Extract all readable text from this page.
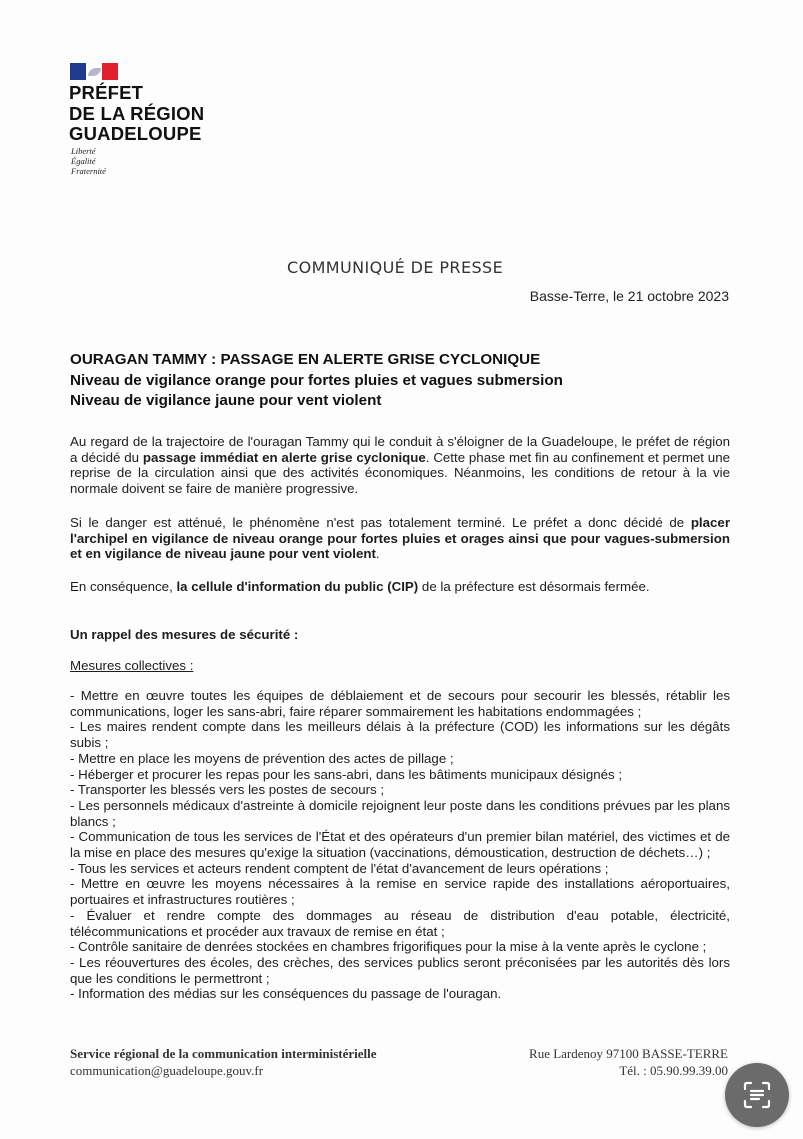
PRÉFET
DE LA RÉGION
GUADELOUPE
Liberté
Égalité
Fraternité
COMMUNIQUÉ DE PRESSE
Basse-Terre, le 21 octobre 2023
OURAGAN TAMMY : PASSAGE EN ALERTE GRISE CYCLONIQUE
Niveau de vigilance orange pour fortes pluies et vagues submersion
Niveau de vigilance jaune pour vent violent
Au regard de la trajectoire de l'ouragan Tammy qui le conduit à s'éloigner de la Guadeloupe, le préfet de région a décidé du passage immédiat en alerte grise cyclonique. Cette phase met fin au confinement et permet une reprise de la circulation ainsi que des activités économiques. Néanmoins, les conditions de retour à la vie normale doivent se faire de manière progressive.
Si le danger est atténué, le phénomène n'est pas totalement terminé. Le préfet a donc décidé de placer l'archipel en vigilance de niveau orange pour fortes pluies et orages ainsi que pour vagues-submersion et en vigilance de niveau jaune pour vent violent.
En conséquence, la cellule d'information du public (CIP) de la préfecture est désormais fermée.
Un rappel des mesures de sécurité :
Mesures collectives :
- Mettre en œuvre toutes les équipes de déblaiement et de secours pour secourir les blessés, rétablir les communications, loger les sans-abri, faire réparer sommairement les habitations endommagées ;
- Les maires rendent compte dans les meilleurs délais à la préfecture (COD) les informations sur les dégâts subis ;
- Mettre en place les moyens de prévention des actes de pillage ;
- Héberger et procurer les repas pour les sans-abri, dans les bâtiments municipaux désignés ;
- Transporter les blessés vers les postes de secours ;
- Les personnels médicaux d'astreinte à domicile rejoignent leur poste dans les conditions prévues par les plans blancs ;
- Communication de tous les services de l'État et des opérateurs d'un premier bilan matériel, des victimes et de la mise en place des mesures qu'exige la situation (vaccinations, démoustication, destruction de déchets…) ;
- Tous les services et acteurs rendent comptent de l'état d'avancement de leurs opérations ;
- Mettre en œuvre les moyens nécessaires à la remise en service rapide des installations aéroportuaires, portuaires et infrastructures routières ;
- Évaluer et rendre compte des dommages au réseau de distribution d'eau potable, électricité, télécommunications et procéder aux travaux de remise en état ;
- Contrôle sanitaire de denrées stockées en chambres frigorifiques pour la mise à la vente après le cyclone ;
- Les réouvertures des écoles, des crèches, des services publics seront préconisées par les autorités dès lors que les conditions le permettront ;
- Information des médias sur les conséquences du passage de l'ouragan.
Service régional de la communication interministérielle
communication@guadeloupe.gouv.fr
Rue Lardenoy 97100 BASSE-TERRE
Tél. : 05.90.99.39.00
